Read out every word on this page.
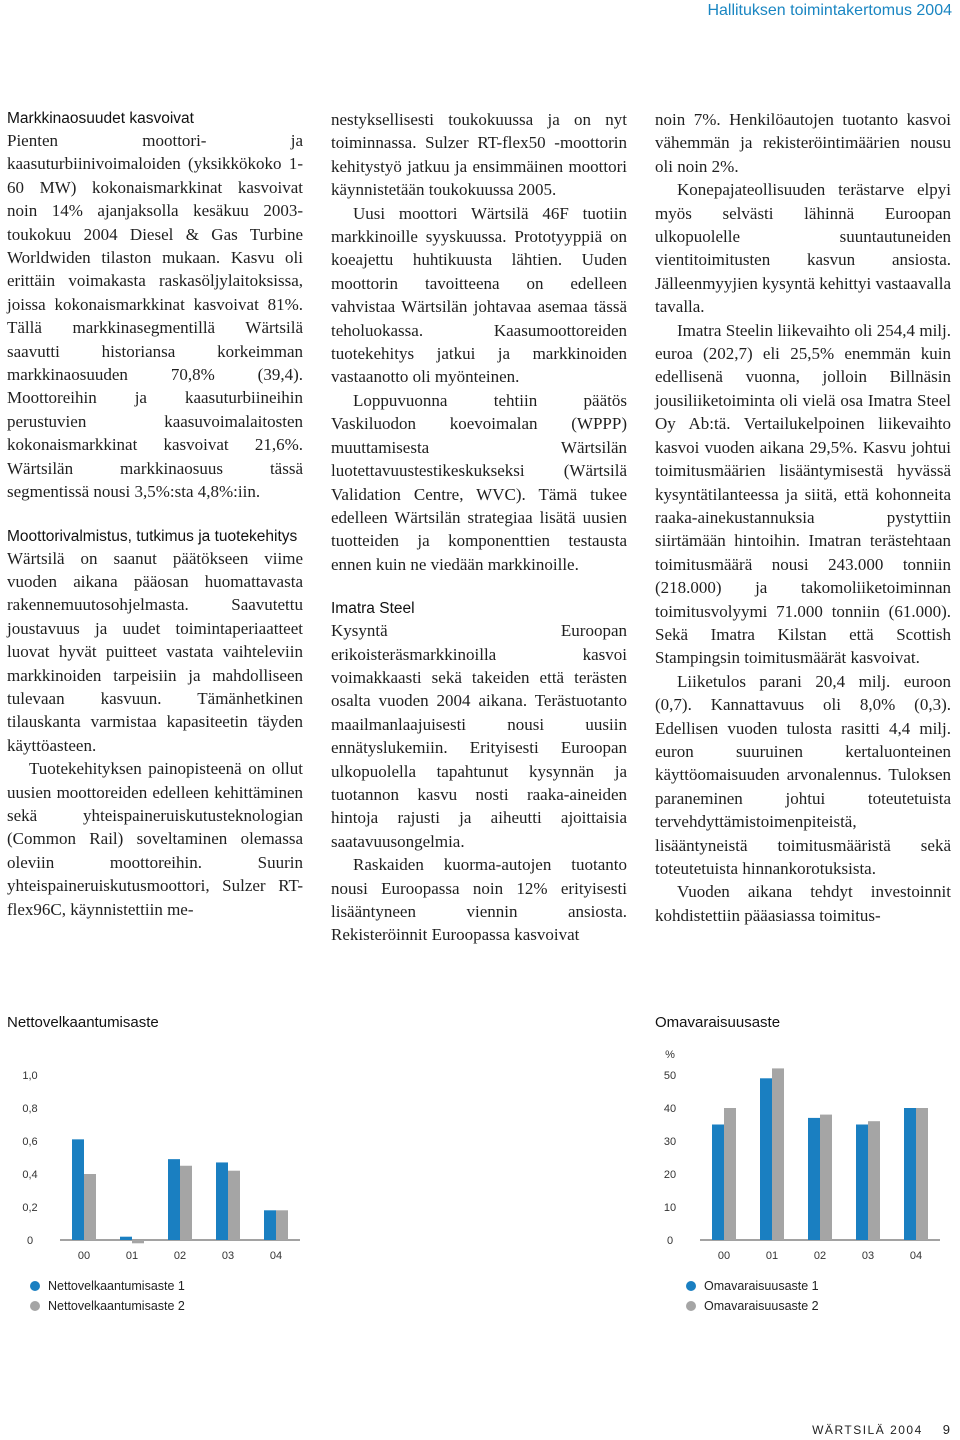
Hallituksen toimintakertomus 2004
Markkinaosuudet kasvoivat

Pienten moottori- ja kaasuturbiinivoimaloiden (yksikkökoko 1-60 MW) kokonaismarkkinat kasvoivat noin 14% ajanjaksolla kesäkuu 2003-toukokuu 2004 Diesel & Gas Turbine Worldwiden tilaston mukaan. Kasvu oli erittäin voimakasta raskasöljylaitoksissa, joissa kokonaismarkkinat kasvoivat 81%. Tällä markkinasegmentillä Wärtsilä saavutti historiansa korkeimman markkinaosuuden 70,8% (39,4). Moottoreihin ja kaasuturbiineihin perustuvien kaasuvoimalaitosten kokonaismarkkinat kasvoivat 21,6%. Wärtsilän markkinaosuus tässä segmentissä nousi 3,5%:sta 4,8%:iin.

Moottorivalmistus, tutkimus ja tuotekehitys

Wärtsilä on saanut päätökseen viime vuoden aikana pääosan huomattavasta rakennemuutosohjelmasta. Saavutettu joustavuus ja uudet toimintaperiaatteet luovat hyvät puitteet vastata vaihteleviin markkinoiden tarpeisiin ja mahdolliseen tulevaan kasvuun. Tämänhetkinen tilauskanta varmistaa kapasiteetin täyden käyttöasteen.

Tuotekehityksen painopisteenä on ollut uusien moottoreiden edelleen kehittäminen sekä yhteispaineruiskutusteknologian (Common Rail) soveltaminen olemassa oleviin moottoreihin. Suurin yhteispaineruiskutusmoottori, Sulzer RT-flex96C, käynnistettiin me-

nestyksellisesti toukokuussa ja on nyt toiminnassa. Sulzer RT-flex50 -moottorin kehitystyö jatkuu ja ensimmäinen moottori käynnistetään toukokuussa 2005.

Uusi moottori Wärtsilä 46F tuotiin markkinoille syyskuussa. Prototyyppiä on koeajettu huhtikuusta lähtien. Uuden moottorin tavoitteena on edelleen vahvistaa Wärtsilän johtavaa asemaa tässä teholuokassa. Kaasumoottoreiden tuotekehitys jatkui ja markkinoiden vastaanotto oli myönteinen.

Loppuvuonna tehtiin päätös Vaskiluodon koevoimalan (WPPP) muuttamisesta Wärtsilän luotettavuustestikeskukseksi (Wärtsilä Validation Centre, WVC). Tämä tukee edelleen Wärtsilän strategiaa lisätä uusien tuotteiden ja komponenttien testausta ennen kuin ne viedään markkinoille.

Imatra Steel

Kysyntä Euroopan erikoisteräsmarkkinoilla kasvoi voimakkaasti sekä takeiden että terästen osalta vuoden 2004 aikana. Terästuotanto maailmanlaajuisesti nousi uusiin ennätyslukemiin. Erityisesti Euroopan ulkopuolella tapahtunut kysynnän ja tuotannon kasvu nosti raaka-aineiden hintoja rajusti ja aiheutti ajoittaisia saatavuusongelmia.

Raskaiden kuorma-autojen tuotanto nousi Euroopassa noin 12% erityisesti lisääntyneen viennin ansiosta. Rekisteröinnit Euroopassa kasvoivat

noin 7%. Henkilöautojen tuotanto kasvoi vähemmän ja rekisteröintimäärien nousu oli noin 2%.

Konepajateollisuuden terästarve elpyi myös selvästi lähinnä Euroopan ulkopuolelle suuntautuneiden vientitoimitusten kasvun ansiosta. Jälleenmyyjien kysyntä kehittyi vastaavalla tavalla.

Imatra Steelin liikevaihto oli 254,4 milj. euroa (202,7) eli 25,5% enemmän kuin edellisenä vuonna, jolloin Billnäsin jousiliiketoiminta oli vielä osa Imatra Steel Oy Ab:tä. Vertailukelpoinen liikevaihto kasvoi vuoden aikana 29,5%. Kasvu johtui toimitusmäärien lisääntymisestä hyvässä kysyntätilanteessa ja siitä, että kohonneita raaka-ainekustannuksia pystyttiin siirtämään hintoihin. Imatran terästehtaan toimitusmäärä nousi 243.000 tonniin (218.000) ja takomoliiketoiminnan toimitusvolyymi 71.000 tonniin (61.000). Sekä Imatra Kilstan että Scottish Stampingsin toimitusmäärät kasvoivat.

Liiketulos parani 20,4 milj. euroon (0,7). Kannattavuus oli 8,0% (0,3). Edellisen vuoden tulosta rasitti 4,4 milj. euron suuruinen kertaluonteinen käyttöomaisuuden arvonalennus. Tuloksen paraneminen johtui toteutetuista tervehdyttämistoimenpiteistä, lisääntyneistä toimitusmääristä sekä toteutetuista hinnankorotuksista.

Vuoden aikana tehdyt investoinnit kohdistettiin pääasiassa toimitus-

Nettovelkaantumisaste
0
0,2
0,4
0,6
0,8
1,0
00	01	02	03	04
Nettovelkaantumisaste 1
Nettovelkaantumisaste 2
Omavaraisuusaste
%
0
10
20
30
40
50
00	01	02	03	04
Omavaraisuusaste 1
Omavaraisuusaste 2
WÄRTSILÄ 2004 9
